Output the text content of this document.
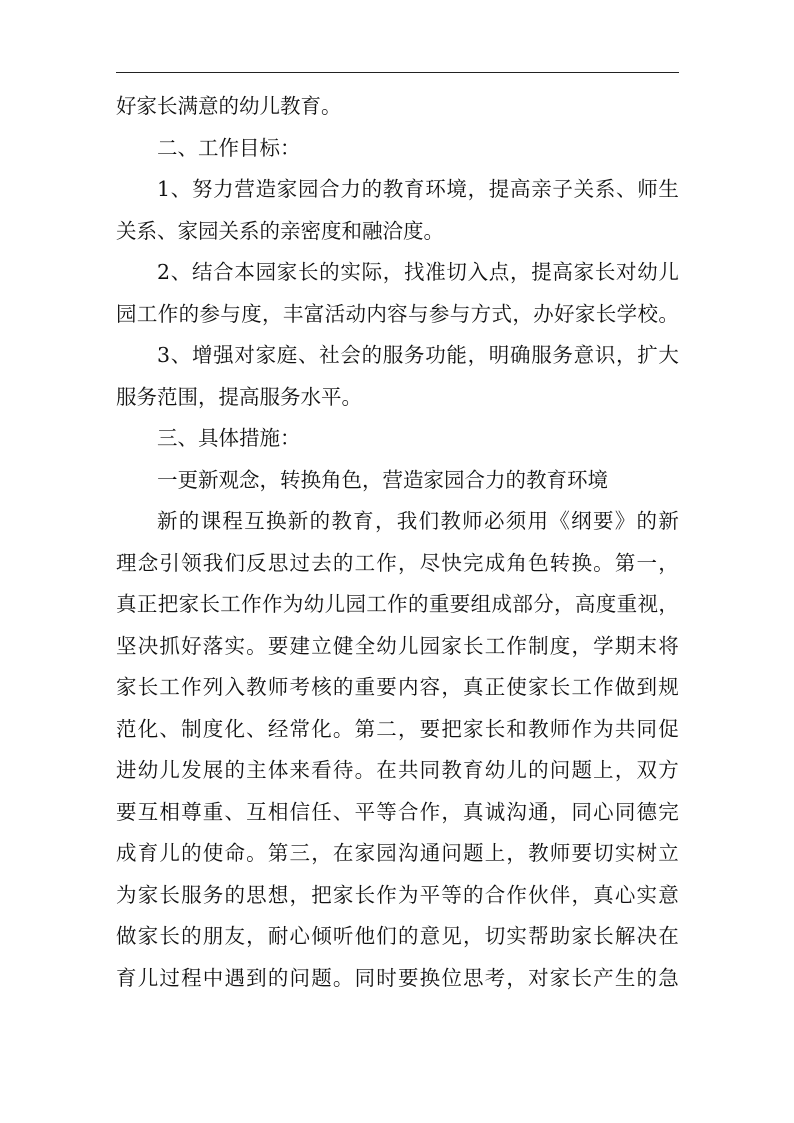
好家长满意的幼儿教育。
二、工作目标：
1 、 努 力 营 造 家 园 合 力 的 教 育 环 境 ， 提 高 亲 子 关 系 、 师 生
关系、家园关系的亲密度和融洽度。
2 、 结 合 本 园 家 长 的 实 际 ， 找 准 切 入 点 ， 提 高 家 长 对 幼 儿
园 工 作 的 参 与 度 ， 丰 富 活 动 内 容 与 参 与 方 式 ， 办 好 家 长 学 校 。
3 、 增 强 对 家 庭 、 社 会 的 服 务 功 能 ， 明 确 服 务 意 识 ， 扩 大
服务范围，提高服务水平。
三、具体措施：
一更新观念，转换角色，营造家园合力的教育环境
新 的 课 程 互 换 新 的 教 育 ， 我 们 教 师 必 须 用 《 纲 要 》 的 新
理 念 引 领 我 们 反 思 过 去 的 工 作 ， 尽 快 完 成 角 色 转 换 。 第 一 ，
真 正 把 家 长 工 作 作 为 幼 儿 园 工 作 的 重 要 组 成 部 分 ， 高 度 重 视 ，
坚 决 抓 好 落 实 。 要 建 立 健 全 幼 儿 园 家 长 工 作 制 度 ， 学 期 末 将
家 长 工 作 列 入 教 师 考 核 的 重 要 内 容 ， 真 正 使 家 长 工 作 做 到 规
范 化 、 制 度 化 、 经 常 化 。 第 二 ， 要 把 家 长 和 教 师 作 为 共 同 促
进 幼 儿 发 展 的 主 体 来 看 待 。 在 共 同 教 育 幼 儿 的 问 题 上 ， 双 方
要 互 相 尊 重 、 互 相 信 任 、 平 等 合 作 ， 真 诚 沟 通 ， 同 心 同 德 完
成 育 儿 的 使 命 。 第 三 ， 在 家 园 沟 通 问 题 上 ， 教 师 要 切 实 树 立
为 家 长 服 务 的 思 想 ， 把 家 长 作 为 平 等 的 合 作 伙 伴 ， 真 心 实 意
做 家 长 的 朋 友 ， 耐 心 倾 听 他 们 的 意 见 ， 切 实 帮 助 家 长 解 决 在
育 儿 过 程 中 遇 到 的 问 题 。 同 时 要 换 位 思 考 ， 对 家 长 产 生 的 急
